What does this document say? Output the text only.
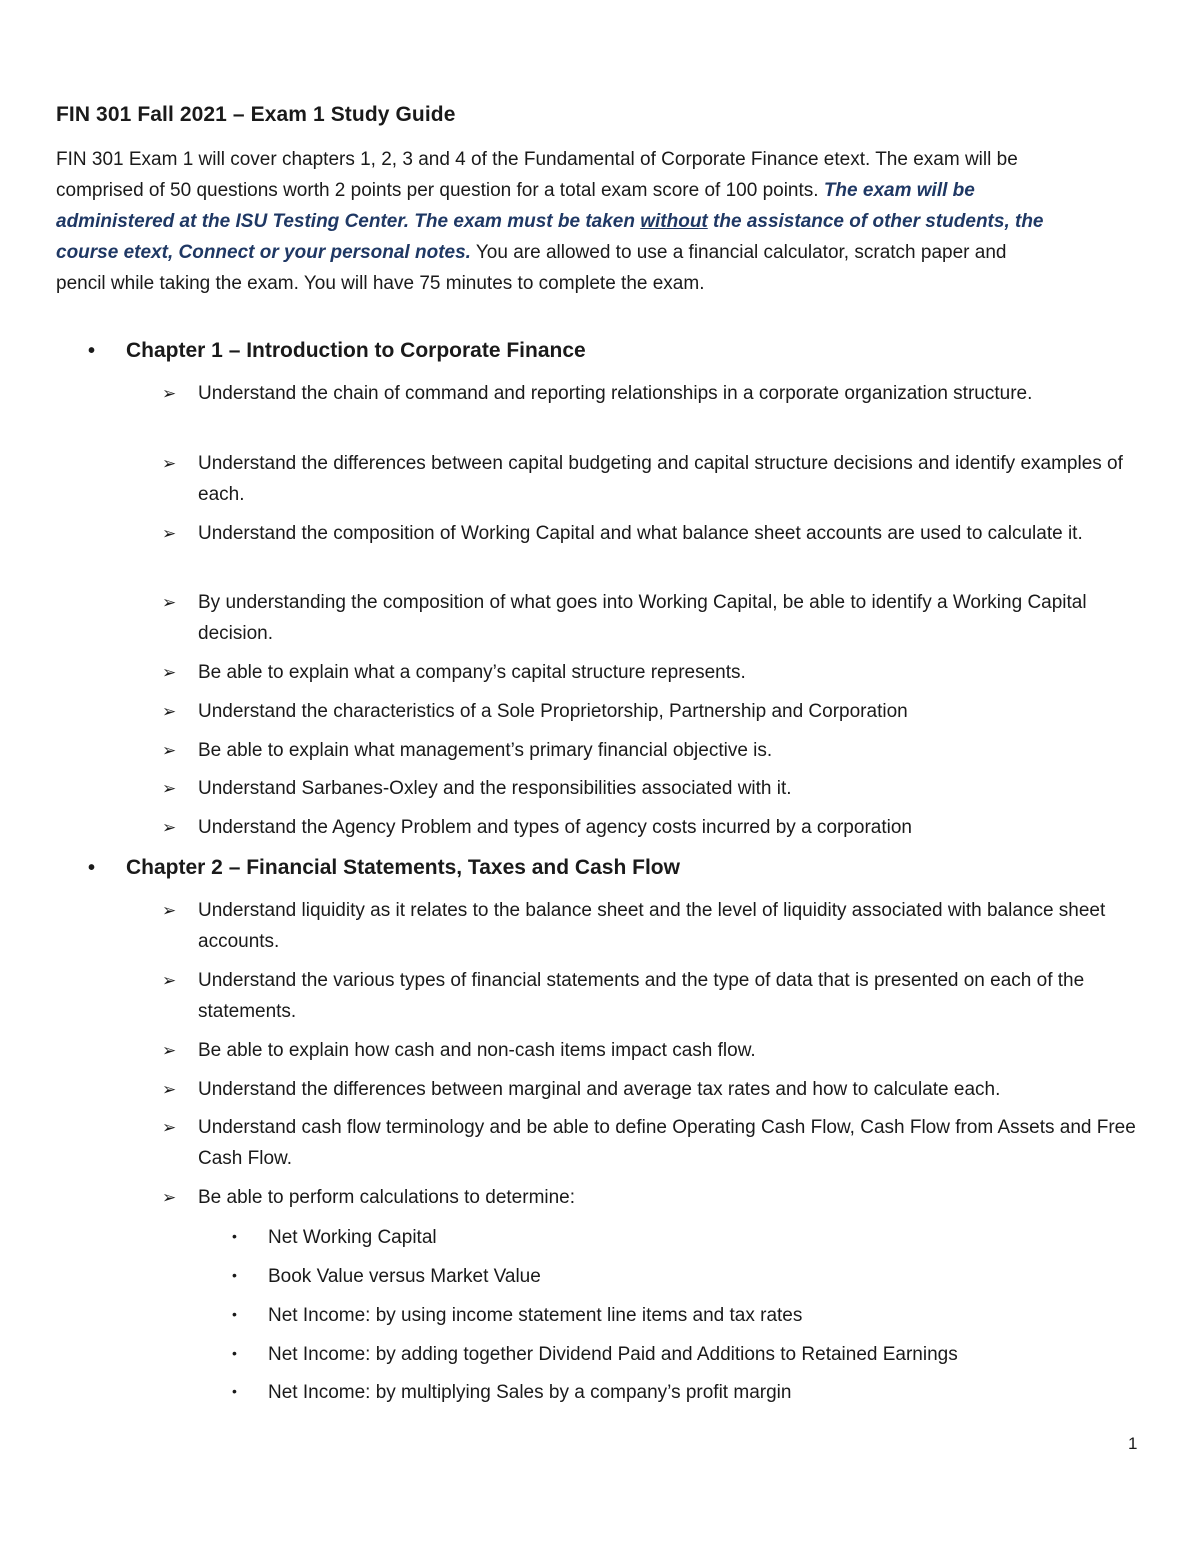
FIN 301 Fall 2021 – Exam 1 Study Guide
FIN 301 Exam 1 will cover chapters 1, 2, 3 and 4 of the Fundamental of Corporate Finance etext. The exam will be
comprised of 50 questions worth 2 points per question for a total exam score of 100 points. The exam will be
administered at the ISU Testing Center. The exam must be taken without the assistance of other students, the
course etext, Connect or your personal notes. You are allowed to use a financial calculator, scratch paper and
pencil while taking the exam. You will have 75 minutes to complete the exam.
• Chapter 1 – Introduction to Corporate Finance
➢ Understand the chain of command and reporting relationships in a corporate organization structure.
➢ Understand the differences between capital budgeting and capital structure decisions and identify examples of each.
➢ Understand the composition of Working Capital and what balance sheet accounts are used to calculate it.
➢ By understanding the composition of what goes into Working Capital, be able to identify a Working Capital decision.
➢ Be able to explain what a company’s capital structure represents.
➢ Understand the characteristics of a Sole Proprietorship, Partnership and Corporation
➢ Be able to explain what management’s primary financial objective is.
➢ Understand Sarbanes-Oxley and the responsibilities associated with it.
➢ Understand the Agency Problem and types of agency costs incurred by a corporation
• Chapter 2 – Financial Statements, Taxes and Cash Flow
➢ Understand liquidity as it relates to the balance sheet and the level of liquidity associated with balance sheet accounts.
➢ Understand the various types of financial statements and the type of data that is presented on each of the statements.
➢ Be able to explain how cash and non-cash items impact cash flow.
➢ Understand the differences between marginal and average tax rates and how to calculate each.
➢ Understand cash flow terminology and be able to define Operating Cash Flow, Cash Flow from Assets and Free Cash Flow.
➢ Be able to perform calculations to determine:
• Net Working Capital
• Book Value versus Market Value
• Net Income: by using income statement line items and tax rates
• Net Income: by adding together Dividend Paid and Additions to Retained Earnings
• Net Income: by multiplying Sales by a company’s profit margin
1
